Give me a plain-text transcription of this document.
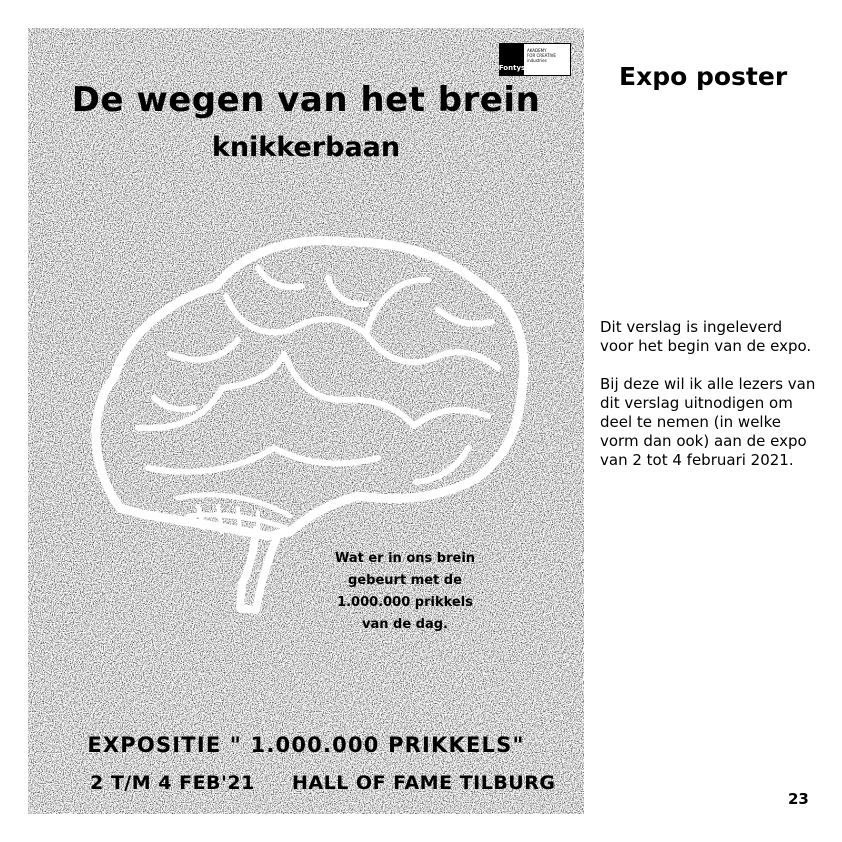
Fontys
AKADEMY
FOR CREATIVE
industries
De wegen van het brein
knikkerbaan
Wat er in ons brein gebeurt met de 1.000.000 prikkels van de dag.
EXPOSITIE " 1.000.000 PRIKKELS"
2 T/M 4 FEB'21 HALL OF FAME TILBURG
Expo poster

Dit verslag is ingeleverd voor het begin van de expo.

Bij deze wil ik alle lezers van dit verslag uitnodigen om deel te nemen (in welke vorm dan ook) aan de expo van 2 tot 4 februari 2021.

23
